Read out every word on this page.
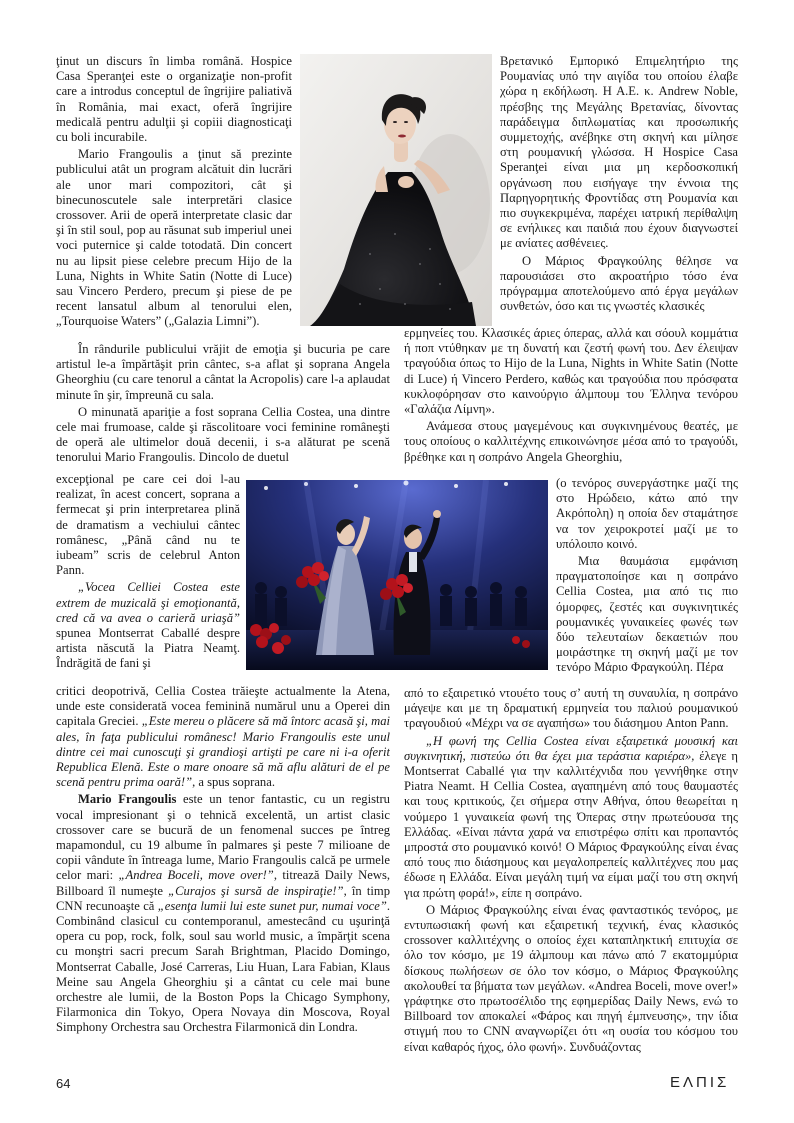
ţinut un discurs în limba română. Hospice Casa Speranţei este o organizaţie non-profit care a introdus conceptul de îngrijire paliativă în România, mai exact, oferă îngrijire medicală pentru adulţii şi copiii diagnosticaţi cu boli incurabile.

Mario Frangoulis a ţinut să prezinte publicului atât un program alcătuit din lucrări ale unor mari compozitori, cât şi binecunoscutele sale interpretări clasice crossover. Arii de operă interpretate clasic dar şi în stil soul, pop au răsunat sub imperiul unei voci puternice şi calde totodată. Din concert nu au lipsit piese celebre precum Hijo de la Luna, Nights in White Satin (Notte di Luce) sau Vincero Perdero, precum şi piese de pe recent lansatul album al tenorului elen, „Tourquoise Waters” („Galazia Limni”).

În rândurile publicului vrăjit de emoţia şi bucuria pe care artistul le-a împărtăşit prin cântec, s-a aflat şi soprana Angela Gheorghiu (cu care tenorul a cântat la Acropolis) care l-a aplaudat minute în şir, împreună cu sala.

O minunată apariţie a fost soprana Cellia Costea, una dintre cele mai frumoase, calde şi răscolitoare voci feminine româneşti de operă ale ultimelor două decenii, i s-a alăturat pe scenă tenorului Mario Frangoulis. Dincolo de duetul

excepţional pe care cei doi l-au realizat, în acest concert, soprana a fermecat şi prin interpretarea plină de dramatism a vechiului cântec românesc, „Până când nu te iubeam” scris de celebrul Anton Pann.

„Vocea Celliei Costea este extrem de muzicală şi emoţionantă, cred că va avea o carieră uriaşă” spunea Montserrat Caballé despre artista născută la Piatra Neamţ. Îndrăgită de fani şi

critici deopotrivă, Cellia Costea trăieşte actualmente la Atena, unde este considerată vocea feminină numărul unu a Operei din capitala Greciei. „Este mereu o plăcere să mă întorc acasă şi, mai ales, în faţa publicului românesc! Mario Frangoulis este unul dintre cei mai cunoscuţi şi grandioşi artişti pe care ni i-a oferit Republica Elenă. Este o mare onoare să mă aflu alături de el pe scenă pentru prima oară!”, a spus soprana.

Mario Frangoulis este un tenor fantastic, cu un registru vocal impresionant şi o tehnică excelentă, un artist clasic crossover care se bucură de un fenomenal succes pe întreg mapamondul, cu 19 albume în palmares şi peste 7 milioane de copii vândute în întreaga lume, Mario Frangoulis calcă pe urmele celor mari: „Andrea Boceli, move over!”, titrează Daily News, Billboard îl numeşte „Curajos şi sursă de inspiraţie!”, în timp CNN recunoaşte că „esenţa lumii lui este sunet pur, numai voce”. Combinând clasicul cu contemporanul, amestecând cu uşurinţă opera cu pop, rock, folk, soul sau world music, a împărţit scena cu monştri sacri precum Sarah Brightman, Placido Domingo, Montserrat Caballe, José Carreras, Liu Huan, Lara Fabian, Klaus Meine sau Angela Gheorghiu şi a cântat cu cele mai bune orchestre ale lumii, de la Boston Pops la Chicago Symphony, Filarmonica din Tokyo, Opera Novaya din Moscova, Royal Simphony Orchestra sau Orchestra Filarmonică din Londra.

Βρετανικό Εμπορικό Επιμελητήριο της Ρουμανίας υπό την αιγίδα του οποίου έλαβε χώρα η εκδήλωση. Η Α.Ε. κ. Andrew Noble, πρέσβης της Μεγάλης Βρετανίας, δίνοντας παράδειγμα διπλωματίας και προσωπικής συμμετοχής, ανέβηκε στη σκηνή και μίλησε στη ρουμανική γλώσσα. Η Hospice Casa Speranţei είναι μια μη κερδοσκοπική οργάνωση που εισήγαγε την έννοια της Παρηγορητικής Φροντίδας στη Ρουμανία και πιο συγκεκριμένα, παρέχει ιατρική περίθαλψη σε ενήλικες και παιδιά που έχουν διαγνωστεί με ανίατες ασθένειες.

Ο Μάριος Φραγκούλης θέλησε να παρουσιάσει στο ακροατήριο τόσο ένα πρόγραμμα αποτελούμενο από έργα μεγάλων συνθετών, όσο και τις γνωστές κλασικές

ερμηνείες του. Κλασικές άριες όπερας, αλλά και σόουλ κομμάτια ή ποπ ντύθηκαν με τη δυνατή και ζεστή φωνή του. Δεν έλειψαν τραγούδια όπως το Hijo de la Luna, Nights in White Satin (Notte di Luce) ή Vincero Perdero, καθώς και τραγούδια που πρόσφατα κυκλοφόρησαν στο καινούργιο άλμπουμ του Έλληνα τενόρου «Γαλάζια Λίμνη».

Ανάμεσα στους μαγεμένους και συγκινημένους θεατές, με τους οποίους ο καλλιτέχνης επικοινώνησε μέσα από το τραγούδι, βρέθηκε και η σοπράνο Angela Gheorghiu,

(ο τενόρος συνεργάστηκε μαζί της στο Ηρώδειο, κάτω από την Ακρόπολη) η οποία δεν σταμάτησε να τον χειροκροτεί μαζί με το υπόλοιπο κοινό.

Μια θαυμάσια εμφάνιση πραγματοποίησε και η σοπράνο Cellia Costea, μια από τις πιο όμορφες, ζεστές και συγκινητικές ρουμανικές γυναικείες φωνές των δύο τελευταίων δεκαετιών που μοιράστηκε τη σκηνή μαζί με τον τενόρο Μάριο Φραγκούλη. Πέρα

από το εξαιρετικό ντουέτο τους σ’ αυτή τη συναυλία, η σοπράνο μάγεψε και με τη δραματική ερμηνεία του παλιού ρουμανικού τραγουδιού «Μέχρι να σε αγαπήσω» του διάσημου Anton Pann.

„Η φωνή της Cellia Costea είναι εξαιρετικά μουσική και συγκινητική, πιστεύω ότι θα έχει μια τεράστια καριέρα», έλεγε η Montserrat Caballé για την καλλιτέχνιδα που γεννήθηκε στην Piatra Neamt. Η Cellia Costea, αγαπημένη από τους θαυμαστές και τους κριτικούς, ζει σήμερα στην Αθήνα, όπου θεωρείται η νούμερο 1 γυναικεία φωνή της Όπερας στην πρωτεύουσα της Ελλάδας. «Είναι πάντα χαρά να επιστρέφω σπίτι και προπαντός μπροστά στο ρουμανικό κοινό! Ο Μάριος Φραγκούλης είναι ένας από τους πιο διάσημους και μεγαλοπρεπείς καλλιτέχνες που μας έδωσε η Ελλάδα. Είναι μεγάλη τιμή να είμαι μαζί του στη σκηνή για πρώτη φορά!», είπε η σοπράνο.

Ο Μάριος Φραγκούλης είναι ένας φανταστικός τενόρος, με εντυπωσιακή φωνή και εξαιρετική τεχνική, ένας κλασικός crossover καλλιτέχνης ο οποίος έχει καταπληκτική επιτυχία σε όλο τον κόσμο, με 19 άλμπουμ και πάνω από 7 εκατομμύρια δίσκους πωλήσεων σε όλο τον κόσμο, ο Μάριος Φραγκούλης ακολουθεί τα βήματα των μεγάλων. «Andrea Boceli, move over!» γράφτηκε στο πρωτοσέλιδο της εφημερίδας Daily News, ενώ το Billboard τον αποκαλεί «Φάρος και πηγή έμπνευσης», την ίδια στιγμή που το CNN αναγνωρίζει ότι «η ουσία του κόσμου του είναι καθαρός ήχος, όλο φωνή». Συνδυάζοντας

64	ΕΛΠΙΣ
